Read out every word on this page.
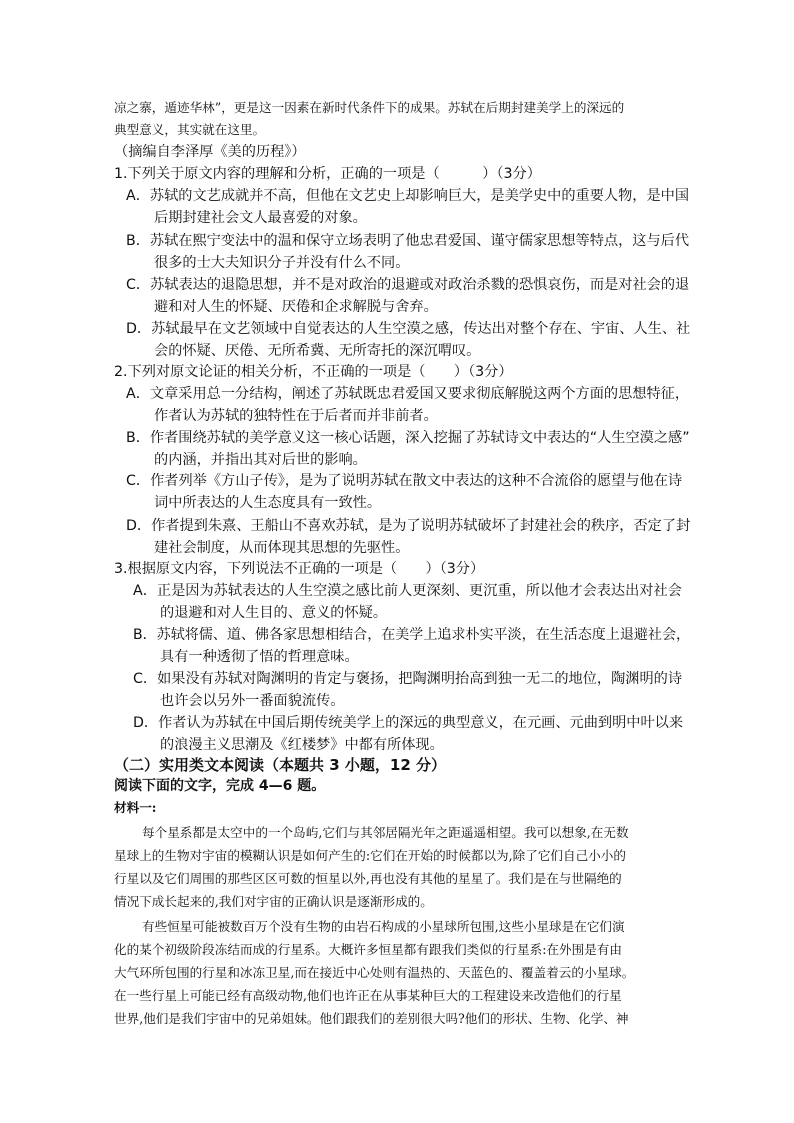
凉之寨，遁迹华林”，更是这一因素在新时代条件下的成果。苏轼在后期封建美学上的深远的
典型意义，其实就在这里。
（摘编自李泽厚《美的历程》）
1.下列关于原文内容的理解和分析，正确的一项是（　　　）（3分）
A．苏轼的文艺成就并不高，但他在文艺史上却影响巨大，是美学史中的重要人物，是中国
后期封建社会文人最喜爱的对象。
B．苏轼在熙宁变法中的温和保守立场表明了他忠君爱国、谨守儒家思想等特点，这与后代
很多的士大夫知识分子并没有什么不同。
C．苏轼表达的退隐思想，并不是对政治的退避或对政治杀戮的恐惧哀伤，而是对社会的退
避和对人生的怀疑、厌倦和企求解脱与舍弃。
D．苏轼最早在文艺领域中自觉表达的人生空漠之感，传达出对整个存在、宇宙、人生、社
会的怀疑、厌倦、无所希冀、无所寄托的深沉喟叹。
2.下列对原文论证的相关分析，不正确的一项是（　　）（3分）
A．文章采用总一分结构，阐述了苏轼既忠君爱国又要求彻底解脱这两个方面的思想特征，
作者认为苏轼的独特性在于后者而并非前者。
B．作者围绕苏轼的美学意义这一核心话题，深入挖掘了苏轼诗文中表达的“人生空漠之感”
的内涵，并指出其对后世的影响。
C．作者列举《方山子传》，是为了说明苏轼在散文中表达的这种不合流俗的愿望与他在诗
词中所表达的人生态度具有一致性。
D．作者提到朱熹、王船山不喜欢苏轼，是为了说明苏轼破坏了封建社会的秩序，否定了封
建社会制度，从而体现其思想的先驱性。
3.根据原文内容，下列说法不正确的一项是（　　）（3分）
A．正是因为苏轼表达的人生空漠之感比前人更深刻、更沉重，所以他才会表达出对社会
的退避和对人生目的、意义的怀疑。
B．苏轼将儒、道、佛各家思想相结合，在美学上追求朴实平淡，在生活态度上退避社会，
具有一种透彻了悟的哲理意味。
C．如果没有苏轼对陶渊明的肯定与褒扬，把陶渊明抬高到独一无二的地位，陶渊明的诗
也许会以另外一番面貌流传。
D．作者认为苏轼在中国后期传统美学上的深远的典型意义，在元画、元曲到明中叶以来
的浪漫主义思潮及《红楼梦》中都有所体现。
（二）实用类文本阅读（本题共 3 小题，12 分）
阅读下面的文字，完成 4—6 题。
材料一:
每个星系都是太空中的一个岛屿,它们与其邻居隔光年之距遥遥相望。我可以想象,在无数
星球上的生物对宇宙的模糊认识是如何产生的:它们在开始的时候都以为,除了它们自己小小的
行星以及它们周围的那些区区可数的恒星以外,再也没有其他的星星了。我们是在与世隔绝的
情况下成长起来的,我们对宇宙的正确认识是逐渐形成的。
有些恒星可能被数百万个没有生物的由岩石构成的小星球所包围,这些小星球是在它们演
化的某个初级阶段冻结而成的行星系。大概许多恒星都有跟我们类似的行星系:在外围是有由
大气环所包围的行星和冰冻卫星,而在接近中心处则有温热的、天蓝色的、覆盖着云的小星球。
在一些行星上可能已经有高级动物,他们也许正在从事某种巨大的工程建设来改造他们的行星
世界,他们是我们宇宙中的兄弟姐妹。他们跟我们的差别很大吗?他们的形状、生物、化学、神
